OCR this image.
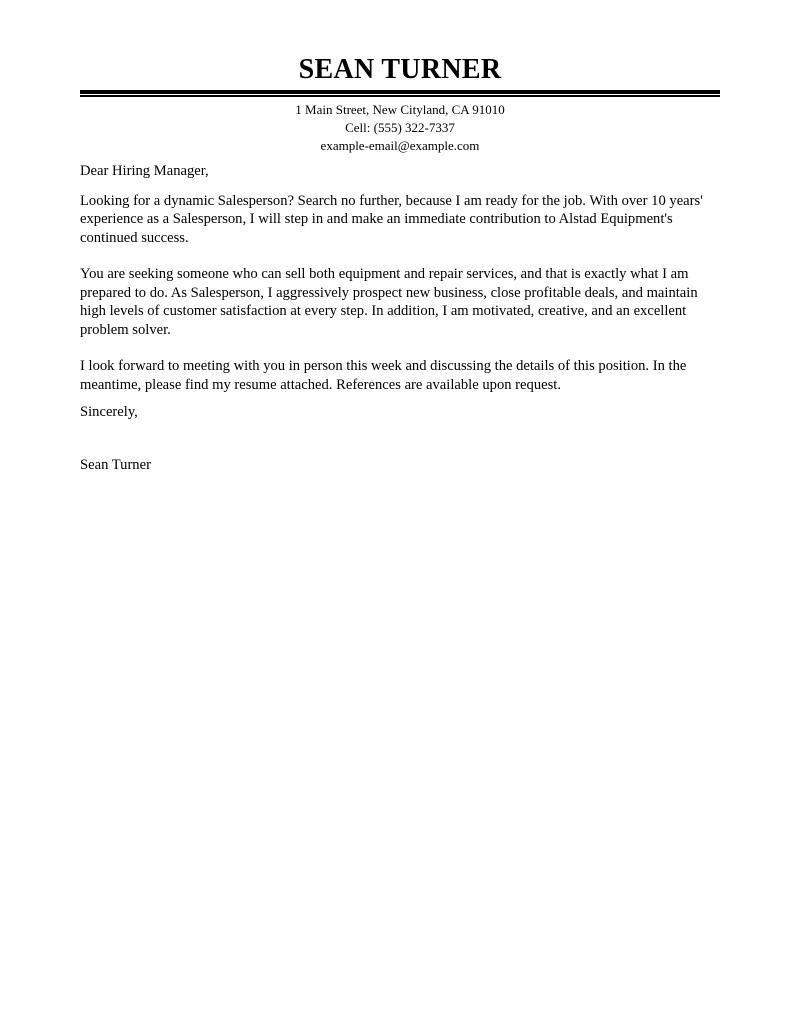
SEAN TURNER
1 Main Street, New Cityland, CA 91010
Cell: (555) 322-7337
example-email@example.com

Dear Hiring Manager,

Looking for a dynamic Salesperson? Search no further, because I am ready for the job. With over 10 years' experience as a Salesperson, I will step in and make an immediate contribution to Alstad Equipment's continued success.

You are seeking someone who can sell both equipment and repair services, and that is exactly what I am prepared to do. As Salesperson, I aggressively prospect new business, close profitable deals, and maintain high levels of customer satisfaction at every step. In addition, I am motivated, creative, and an excellent problem solver.

I look forward to meeting with you in person this week and discussing the details of this position. In the meantime, please find my resume attached. References are available upon request.

Sincerely,

Sean Turner
